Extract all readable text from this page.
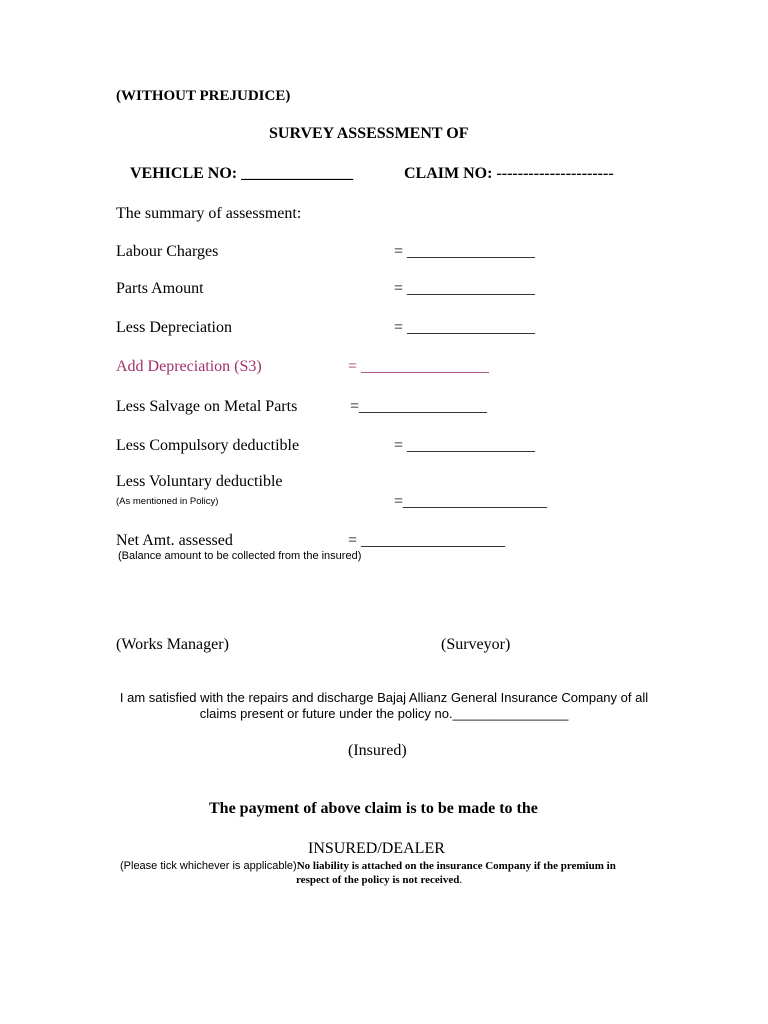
(WITHOUT PREJUDICE)
SURVEY ASSESSMENT OF
VEHICLE NO: ______________	CLAIM NO: ----------------------
The summary of assessment:
Labour Charges	= ________________
Parts Amount	= ________________
Less Depreciation	= ________________
Add Depreciation (S3)	= ________________
Less Salvage on Metal Parts	=________________
Less Compulsory deductible	= ________________
Less Voluntary deductible
(As mentioned in Policy)	=__________________
Net Amt. assessed	= __________________
(Balance amount to be collected from the insured)
(Works Manager)	(Surveyor)
I am satisfied with the repairs and discharge Bajaj Allianz General Insurance Company of all
claims present or future under the policy no.________________
(Insured)
The payment of above claim is to be made to the
INSURED/DEALER
(Please tick whichever is applicable)No liability is attached on the insurance Company if the premium in
respect of the policy is not received.
